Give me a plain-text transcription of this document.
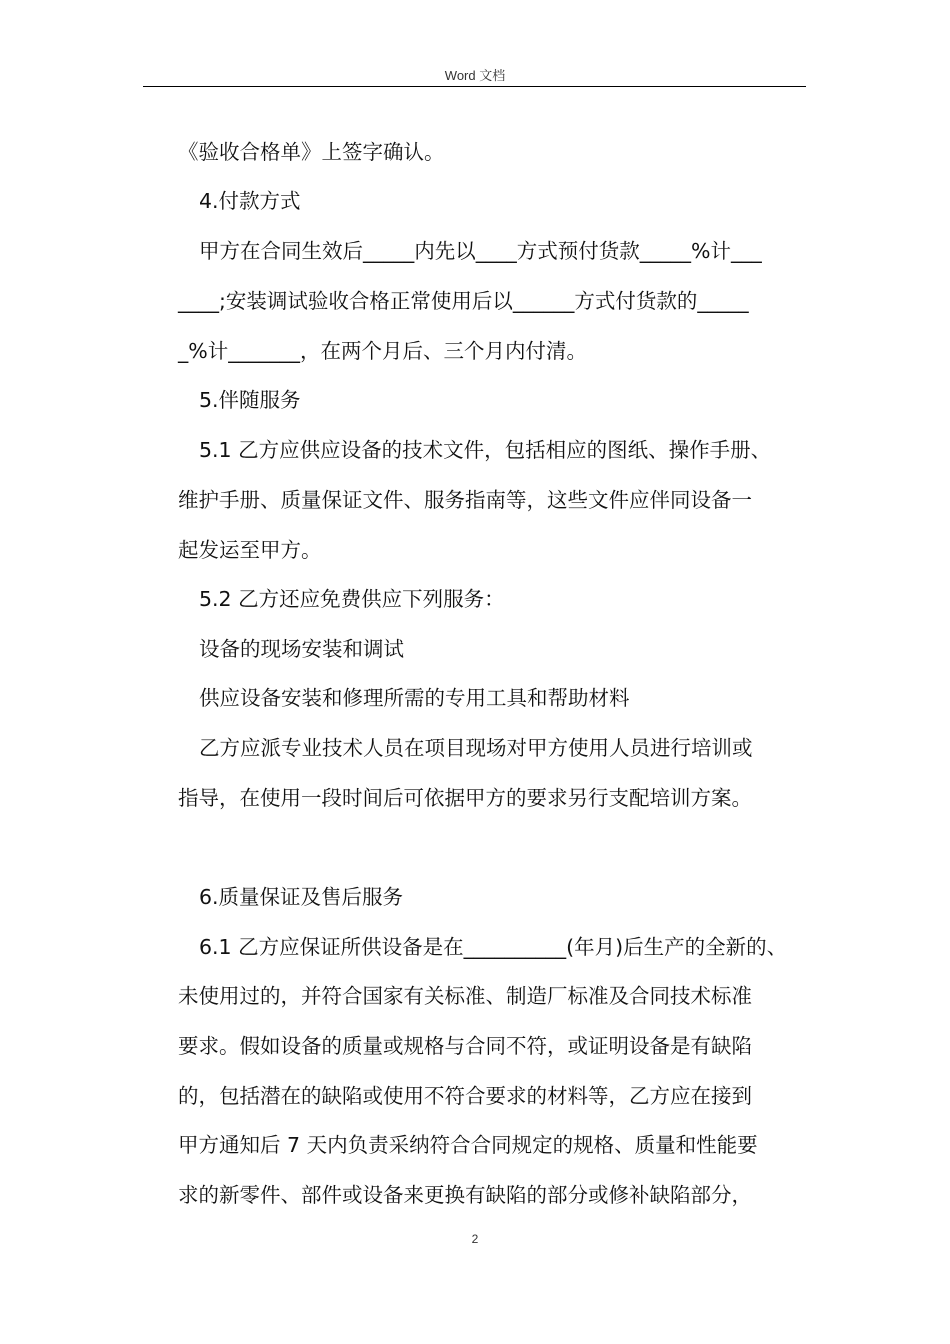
Word 文档
《验收合格单》上签字确认。
4.付款方式
甲方在合同生效后_____内先以____方式预付货款_____%计___
____;安装调试验收合格正常使用后以______方式付货款的_____
_%计_______，在两个月后、三个月内付清。
5.伴随服务
5.1 乙方应供应设备的技术文件，包括相应的图纸、操作手册、
维护手册、质量保证文件、服务指南等，这些文件应伴同设备一
起发运至甲方。
5.2 乙方还应免费供应下列服务：
设备的现场安装和调试
供应设备安装和修理所需的专用工具和帮助材料
乙方应派专业技术人员在项目现场对甲方使用人员进行培训或
指导，在使用一段时间后可依据甲方的要求另行支配培训方案。
6.质量保证及售后服务
6.1 乙方应保证所供设备是在__________(年月)后生产的全新的、
未使用过的，并符合国家有关标准、制造厂标准及合同技术标准
要求。假如设备的质量或规格与合同不符，或证明设备是有缺陷
的，包括潜在的缺陷或使用不符合要求的材料等，乙方应在接到
甲方通知后 7 天内负责采纳符合合同规定的规格、质量和性能要
求的新零件、部件或设备来更换有缺陷的部分或修补缺陷部分，
2
